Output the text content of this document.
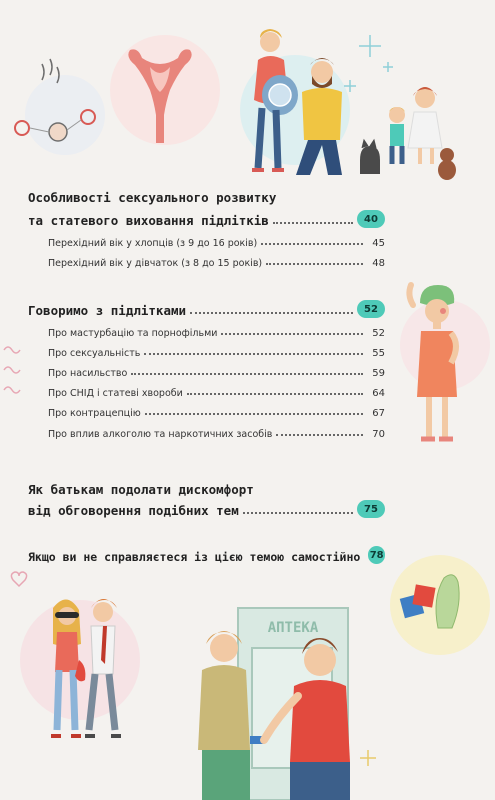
Особливості сексуального розвитку
та статевого виховання підлітків	40
Перехідний вік у хлопців (з 9 до 16 років)	45
Перехідний вік у дівчаток (з 8 до 15 років)	48
Говоримо з підлітками	52
Про мастурбацію та порнофільми	52
Про сексуальність	55
Про насильство	59
Про СНІД і статеві хвороби	64
Про контрацепцію	67
Про вплив алкоголю та наркотичних засобів	70
Як батькам подолати дискомфорт
від обговорення подібних тем	75
Якщо ви не справляєтеся із цією темою самостійно 78
АПТЕКА
